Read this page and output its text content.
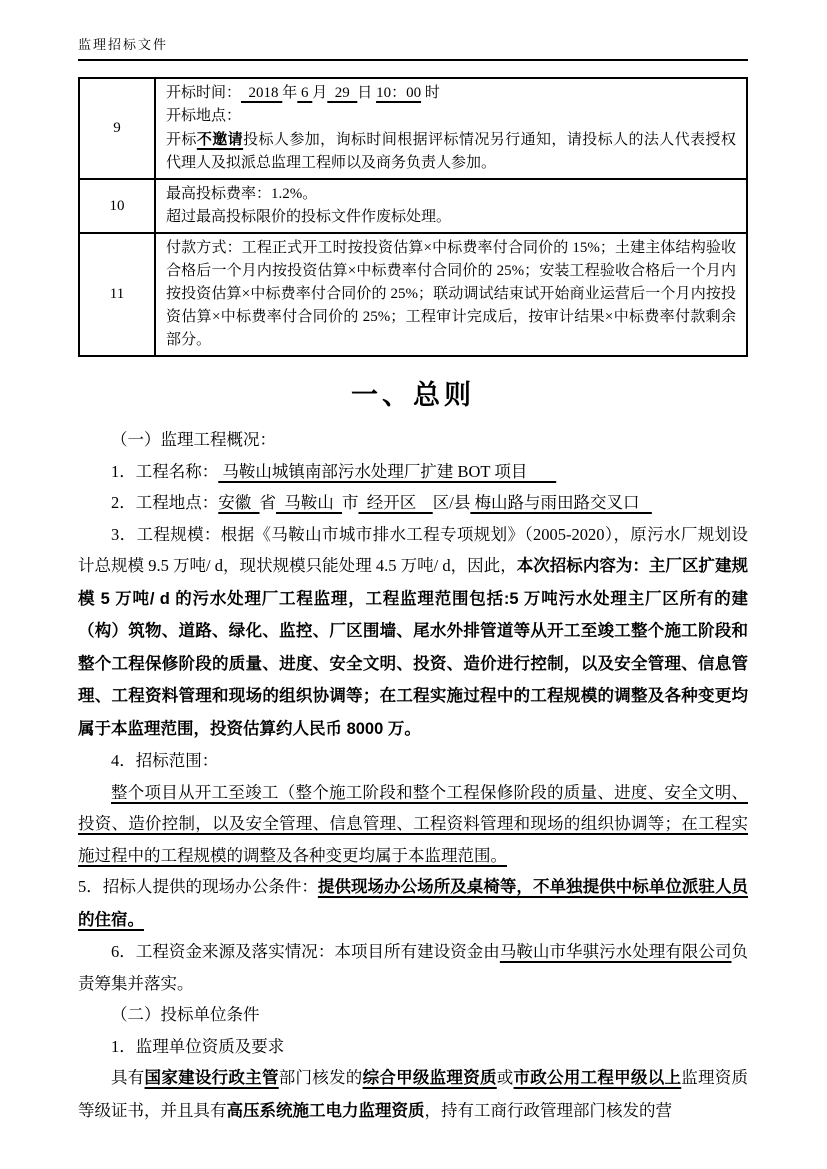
监理招标文件
9	开标时间：  2018 年 6 月  29  日 10：00 时

开标地点：

开标不邀请投标人参加，询标时间根据评标情况另行通知，请投标人的法人代表授权代理人及拟派总监理工程师以及商务负责人参加。

10	最高投标费率：1.2%。

超过最高投标限价的投标文件作废标处理。

11	付款方式：工程正式开工时按投资估算×中标费率付合同价的 15%；土建主体结构验收合格后一个月内按投资估算×中标费率付合同价的 25%；安装工程验收合格后一个月内按投资估算×中标费率付合同价的 25%；联动调试结束试开始商业运营后一个月内按投资估算×中标费率付合同价的 25%；工程审计完成后，按审计结果×中标费率付款剩余部分。

一、总则

（一）监理工程概况：

1．工程名称： 马鞍山城镇南部污水处理厂扩建 BOT 项目

2．工程地点：安徽  省  马鞍山  市  经开区    区/县 梅山路与雨田路交叉口

3．工程规模：根据《马鞍山市城市排水工程专项规划》（2005-2020），原污水厂规划设计总规模 9.5 万吨/ d，现状规模只能处理 4.5 万吨/ d，因此，本次招标内容为：主厂区扩建规模 5 万吨/ d 的污水处理厂工程监理，工程监理范围包括:5 万吨污水处理主厂区所有的建（构）筑物、道路、绿化、监控、厂区围墙、尾水外排管道等从开工至竣工整个施工阶段和整个工程保修阶段的质量、进度、安全文明、投资、造价进行控制，以及安全管理、信息管理、工程资料管理和现场的组织协调等；在工程实施过程中的工程规模的调整及各种变更均属于本监理范围，投资估算约人民币 8000 万。

4．招标范围：

整个项目从开工至竣工（整个施工阶段和整个工程保修阶段的质量、进度、安全文明、投资、造价控制，以及安全管理、信息管理、工程资料管理和现场的组织协调等；在工程实施过程中的工程规模的调整及各种变更均属于本监理范围。

5．招标人提供的现场办公条件：提供现场办公场所及桌椅等，不单独提供中标单位派驻人员的住宿。

6．工程资金来源及落实情况：本项目所有建设资金由马鞍山市华骐污水处理有限公司负责筹集并落实。

（二）投标单位条件

1．监理单位资质及要求

具有国家建设行政主管部门核发的综合甲级监理资质或市政公用工程甲级以上监理资质等级证书，并且具有高压系统施工电力监理资质，持有工商行政管理部门核发的营
